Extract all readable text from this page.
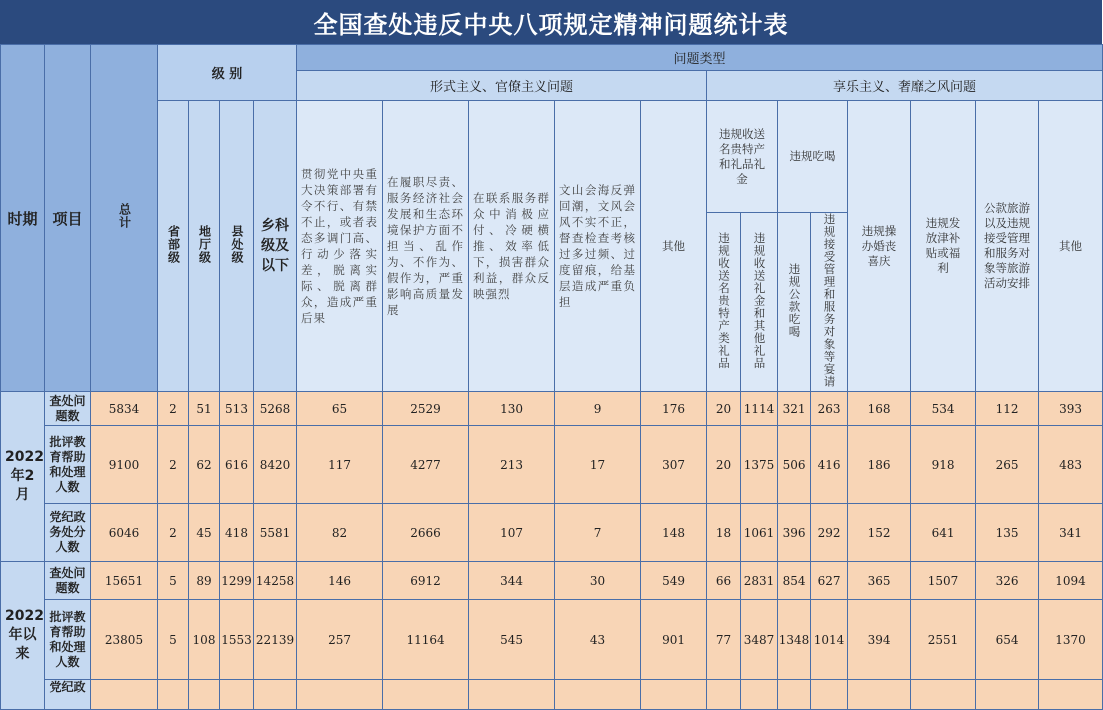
全国查处违反中央八项规定精神问题统计表
时期	项目	总计	级 别				问题类型												
							形式主义、官僚主义问题					享乐主义、奢靡之风问题							
			省部级	地厅级	县处级	乡科级及以下	贯彻党中央重大决策部署有令不行、有禁不止，或者表态多调门高、行动少落实差，脱离实际、脱离群众，造成严重后果	在履职尽责、服务经济社会发展和生态环境保护方面不担当、乱作为、不作为、假作为，严重影响高质量发展	在联系服务群众中消极应付、冷硬横推、效率低下，损害群众利益，群众反映强烈	文山会海反弹回潮，文风会风不实不正，督查检查考核过多过频、过度留痕，给基层造成严重负担	其他	违规收送名贵特产和礼品礼金		违规吃喝		违规操办婚丧喜庆	违规发放津补贴或福利	公款旅游以及违规接受管理和服务对象等旅游活动安排	其他
												违规收送名贵特产类礼品	违规收送礼金和其他礼品	违规公款吃喝	违规接受管理和服务对象等宴请				
2022年2月	查处问题数	5834	2	51	513	5268	65	2529	130	9	176	20	1114	321	263	168	534	112	393
	批评教育帮助和处理人数	9100	2	62	616	8420	117	4277	213	17	307	20	1375	506	416	186	918	265	483
	党纪政务处分人数	6046	2	45	418	5581	82	2666	107	7	148	18	1061	396	292	152	641	135	341
2022年以来	查处问题数	15651	5	89	1299	14258	146	6912	344	30	549	66	2831	854	627	365	1507	326	1094
	批评教育帮助和处理人数	23805	5	108	1553	22139	257	11164	545	43	901	77	3487	1348	1014	394	2551	654	1370
	党纪政																		
